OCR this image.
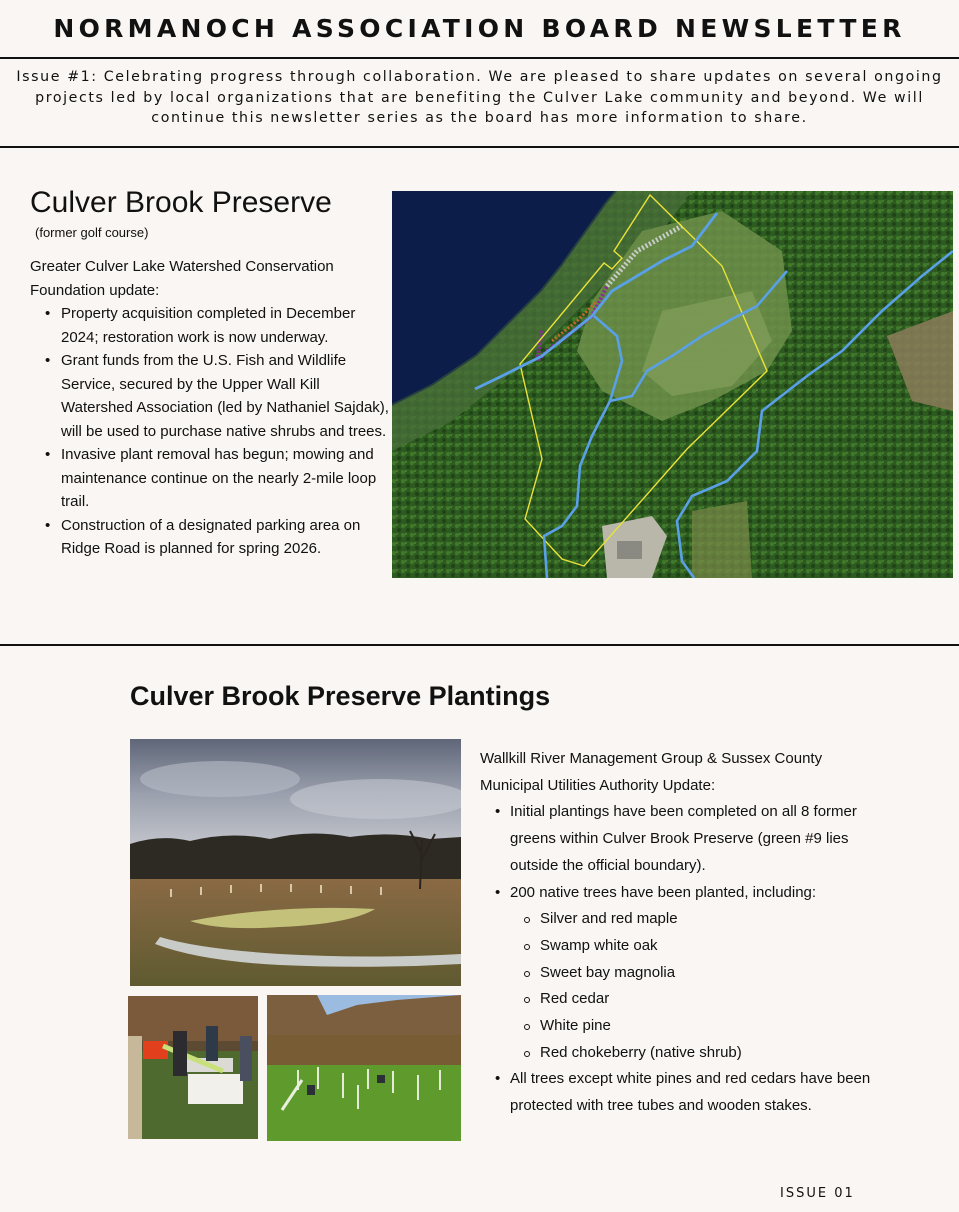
NORMANOCH ASSOCIATION BOARD NEWSLETTER

Issue #1: Celebrating progress through collaboration. We are pleased to share updates on several ongoing projects led by local organizations that are benefiting the Culver Lake community and beyond. We will continue this newsletter series as the board has more information to share.

Culver Brook Preserve
(former golf course)

Greater Culver Lake Watershed Conservation Foundation update:

• Property acquisition completed in December 2024; restoration work is now underway.
• Grant funds from the U.S. Fish and Wildlife Service, secured by the Upper Wall Kill Watershed Association (led by Nathaniel Sajdak), will be used to purchase native shrubs and trees.
• Invasive plant removal has begun; mowing and maintenance continue on the nearly 2-mile loop trail.
• Construction of a designated parking area on Ridge Road is planned for spring 2026.
Culver Brook Preserve Plantings

Wallkill River Management Group & Sussex County Municipal Utilities Authority Update:

• Initial plantings have been completed on all 8 former greens within Culver Brook Preserve (green #9 lies outside the official boundary).
• 200 native trees have been planted, including:
Silver and red maple
Swamp white oak
Sweet bay magnolia
Red cedar
White pine
Red chokeberry (native shrub)
• All trees except white pines and red cedars have been protected with tree tubes and wooden stakes.
ISSUE 01
